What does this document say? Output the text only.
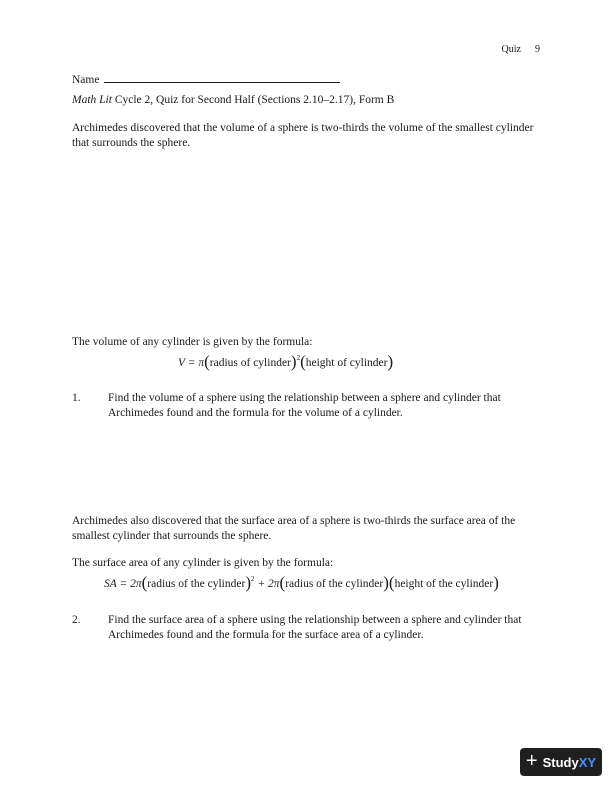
Quiz 9
Name
Math Lit Cycle 2, Quiz for Second Half (Sections 2.10–2.17), Form B
Archimedes discovered that the volume of a sphere is two-thirds the volume of the smallest cylinder that surrounds the sphere.
The volume of any cylinder is given by the formula:
V = π(radius of cylinder)$^2$(height of cylinder)
1. Find the volume of a sphere using the relationship between a sphere and cylinder that Archimedes found and the formula for the volume of a cylinder.
Archimedes also discovered that the surface area of a sphere is two-thirds the surface area of the smallest cylinder that surrounds the sphere.
The surface area of any cylinder is given by the formula:
SA = 2π(radius of the cylinder)$^2$ + 2π(radius of the cylinder)(height of the cylinder)
2. Find the surface area of a sphere using the relationship between a sphere and cylinder that Archimedes found and the formula for the surface area of a cylinder.
+ StudyXY
